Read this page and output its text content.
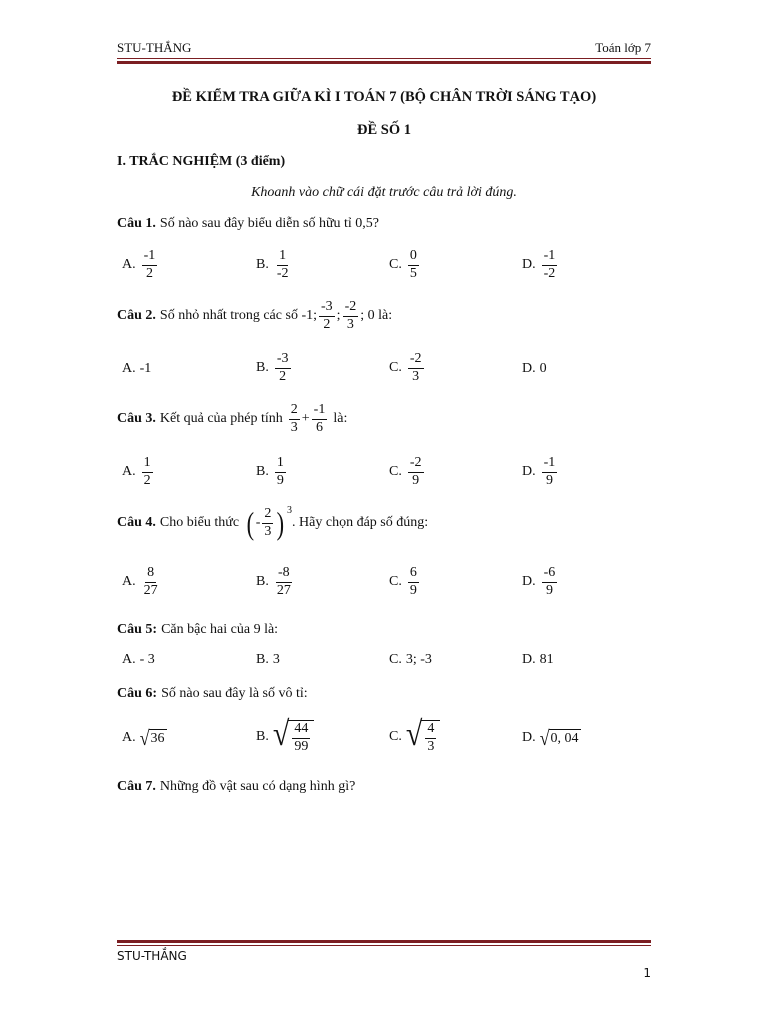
STU-THẮNG	Toán lớp 7
ĐỀ KIỂM TRA GIỮA KÌ I TOÁN 7 (BỘ CHÂN TRỜI SÁNG TẠO)
ĐỀ SỐ 1
I. TRẮC NGHIỆM (3 điểm)
Khoanh vào chữ cái đặt trước câu trả lời đúng.
Câu 1. Số nào sau đây biểu diễn số hữu tỉ 0,5?
A. $\frac{-1}{2}$	B. $\frac{1}{-2}$	C. $\frac{0}{5}$	D. $\frac{-1}{-2}$
Câu 2. Số nhỏ nhất trong các số -1; $\frac{-3}{2}$ ; $\frac{-2}{3}$ ; 0 là:
A. -1	B. $\frac{-3}{2}$	C. $\frac{-2}{3}$	D. 0
Câu 3. Kết quả của phép tính $\frac{2}{3} + \frac{-1}{6}$ là:
A. $\frac{1}{2}$	B. $\frac{1}{9}$	C. $\frac{-2}{9}$	D. $\frac{-1}{9}$
Câu 4. Cho biểu thức ( - $\frac{2}{3}$ ) $^3$
. Hãy chọn đáp số đúng:
A. $\frac{8}{27}$	B. $\frac{-8}{27}$	C. $\frac{6}{9}$	D. $\frac{-6}{9}$
Câu 5: Căn bậc hai của 9 là:
A. - 3	B. 3	C. 3; -3	D. 81
Câu 6: Số nào sau đây là số vô tỉ:
A. √ 36	B. √ $\frac{44}{99}$	C. √ $\frac{4}{3}$	D. √ 0, 04
Câu 7. Những đồ vật sau có dạng hình gì?
STU-THẮNG
1
